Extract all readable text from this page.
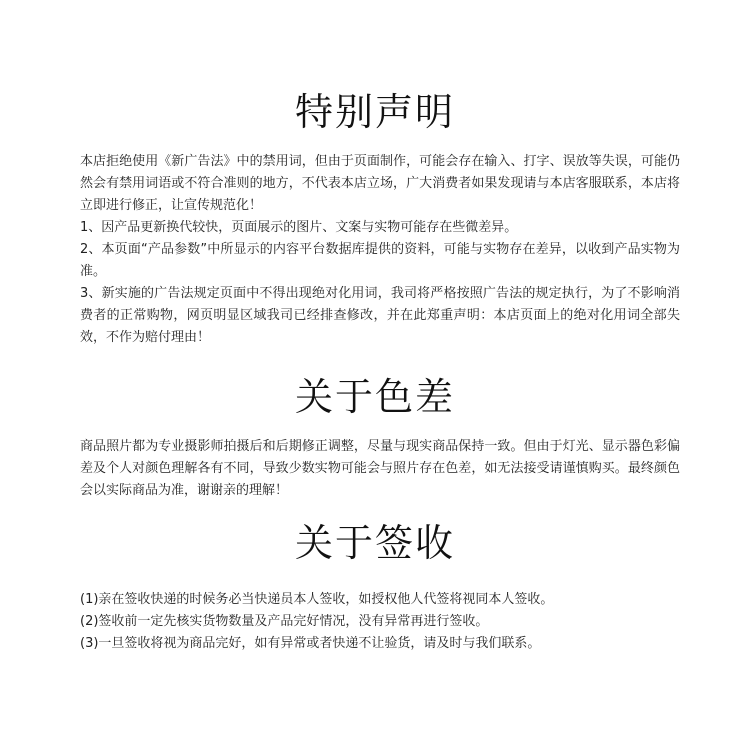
特别声明

本店拒绝使用《新广告法》中的禁用词，但由于页面制作，可能会存在输入、打字、误放等失误，可能仍然会有禁用词语或不符合准则的地方，不代表本店立场，广大消费者如果发现请与本店客服联系，本店将立即进行修正，让宣传规范化！

1、因产品更新换代较快，页面展示的图片、文案与实物可能存在些微差异。

2、本页面“产品参数”中所显示的内容平台数据库提供的资料，可能与实物存在差异，以收到产品实物为准。

3、新实施的广告法规定页面中不得出现绝对化用词，我司将严格按照广告法的规定执行，为了不影响消费者的正常购物，网页明显区域我司已经排查修改，并在此郑重声明：本店页面上的绝对化用词全部失效，不作为赔付理由！

关于色差

商品照片都为专业摄影师拍摄后和后期修正调整，尽量与现实商品保持一致。但由于灯光、显示器色彩偏差及个人对颜色理解各有不同，导致少数实物可能会与照片存在色差，如无法接受请谨慎购买。最终颜色会以实际商品为准，谢谢亲的理解！

关于签收

(1)亲在签收快递的时候务必当快递员本人签收，如授权他人代签将视同本人签收。

(2)签收前一定先核实货物数量及产品完好情况，没有异常再进行签收。

(3)一旦签收将视为商品完好，如有异常或者快递不让验货，请及时与我们联系。
